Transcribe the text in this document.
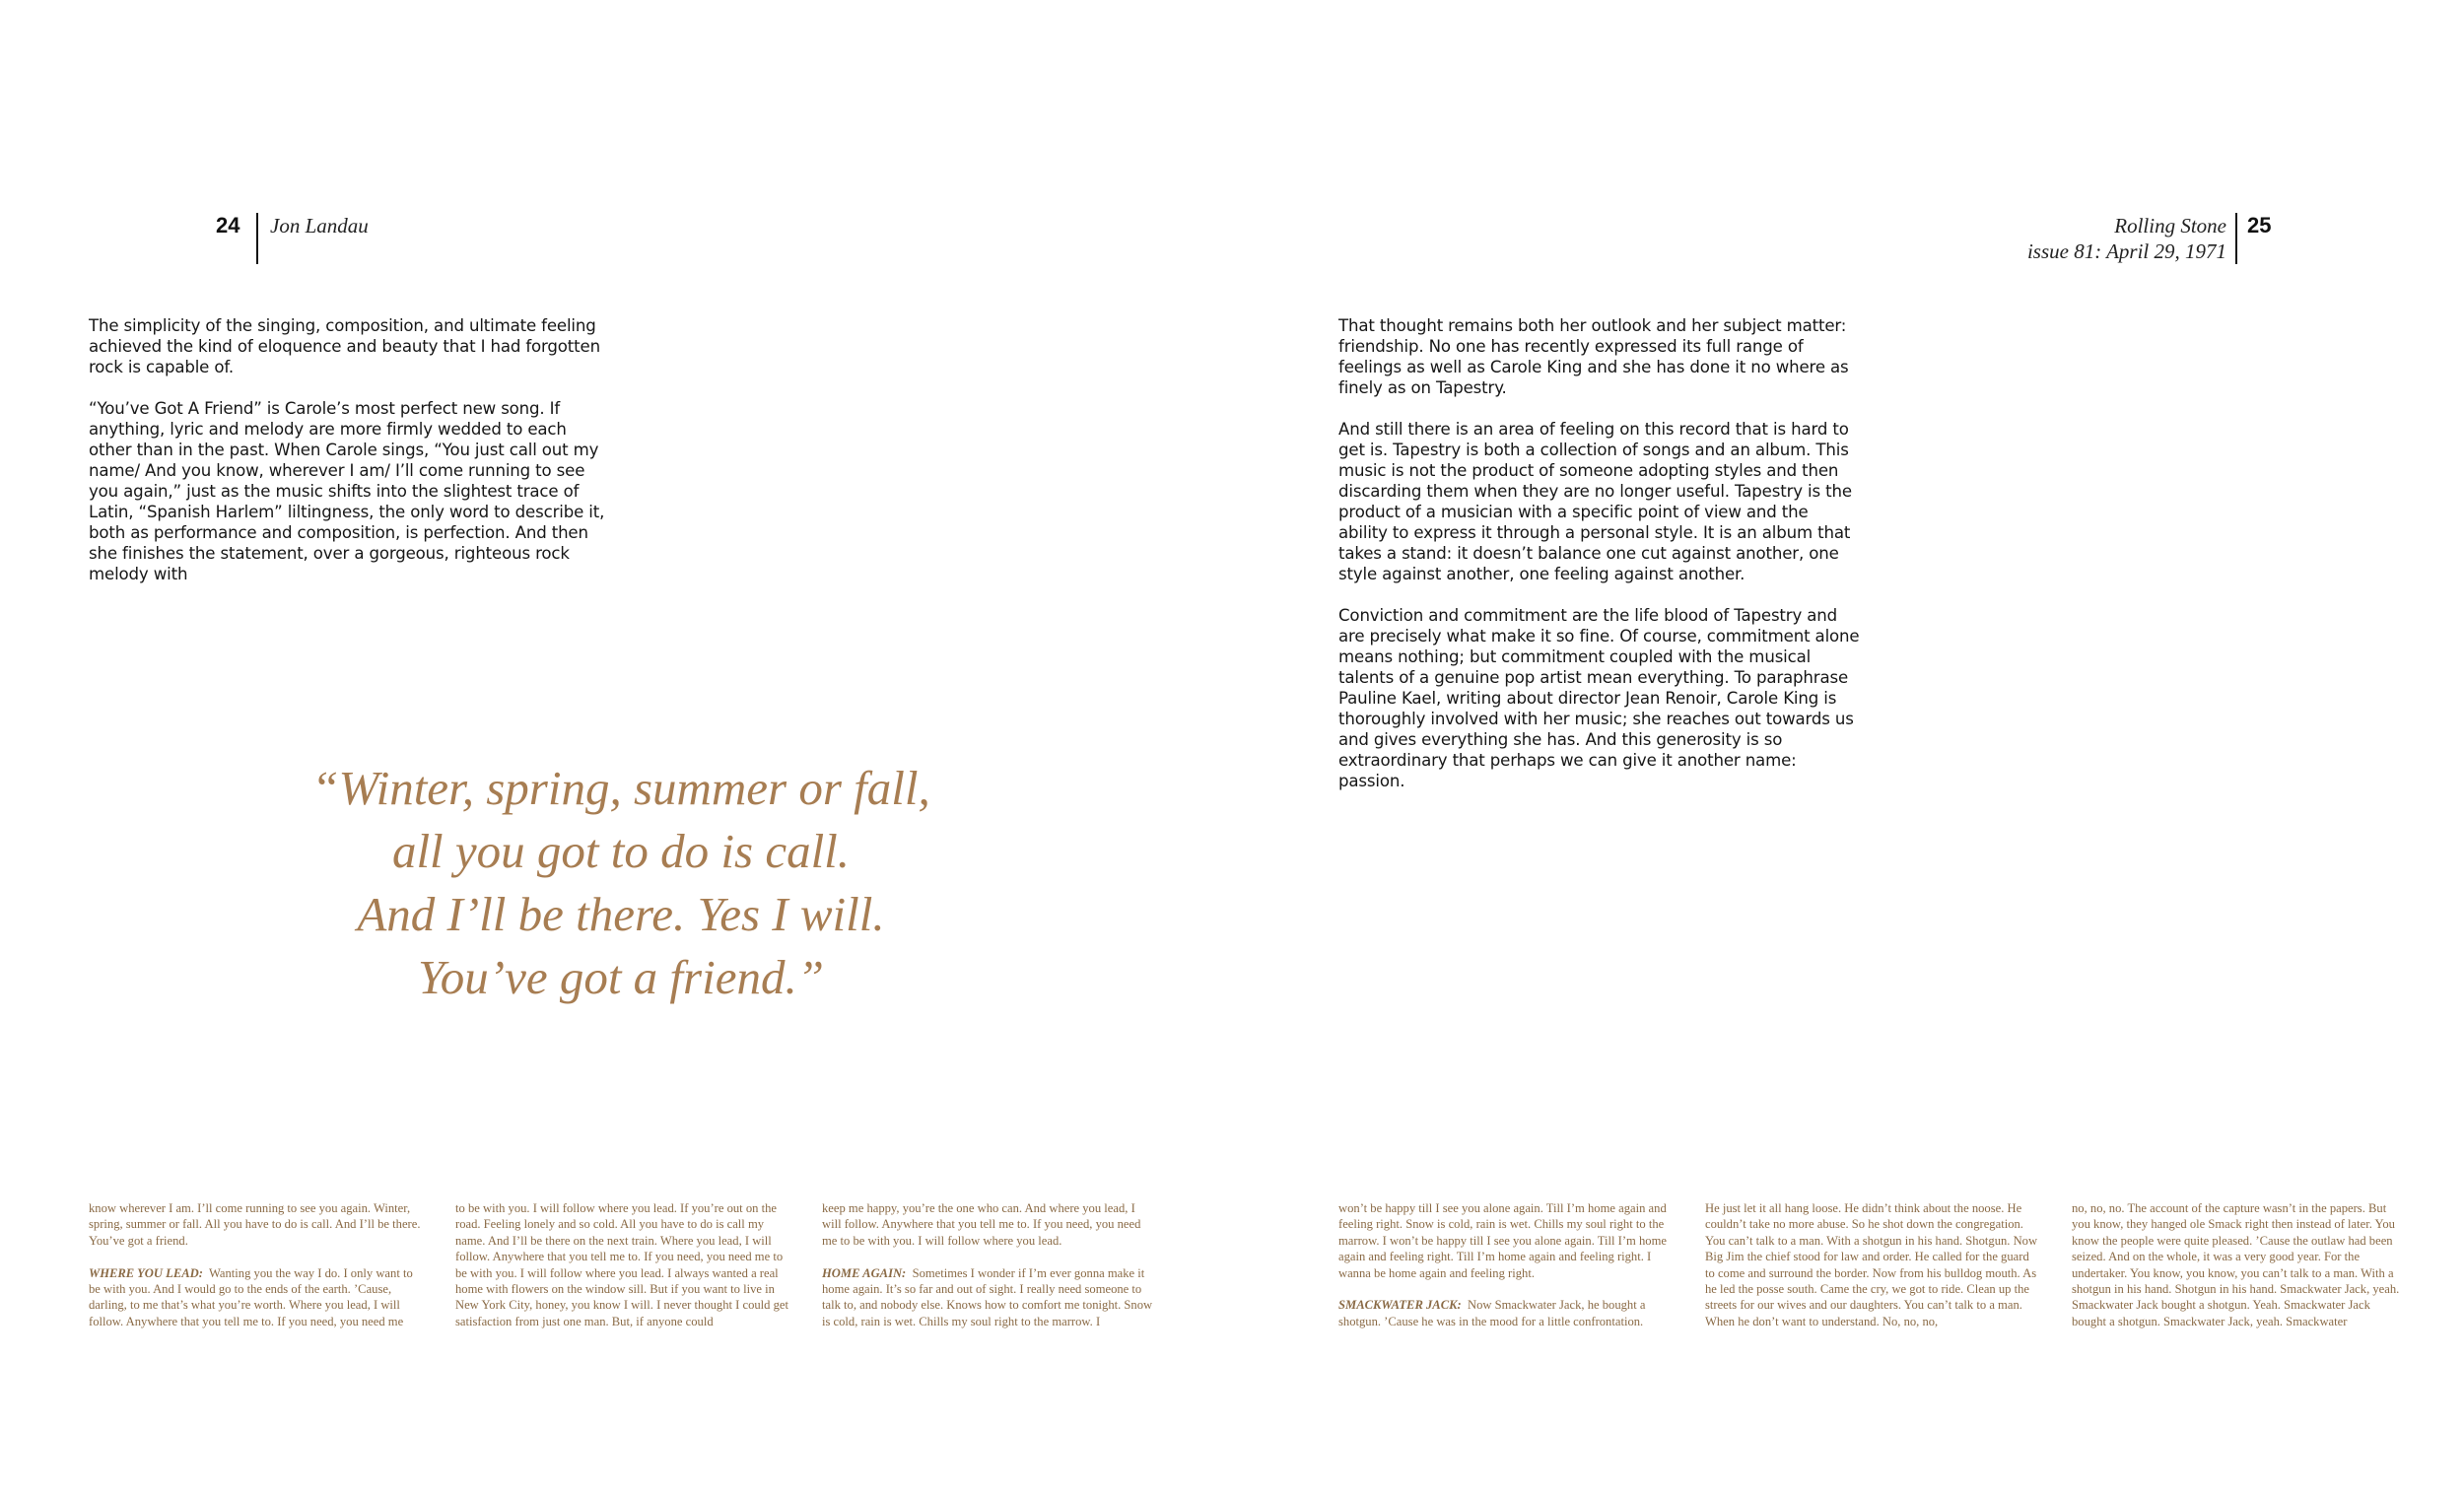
24 Jon Landau	Rolling Stone
issue 81: April 29, 1971
25

The simplicity of the singing, composition, and ultimate feeling achieved the kind of eloquence and beauty that I had forgotten rock is capable of.

“You’ve Got A Friend” is Carole’s most perfect new song. If anything, lyric and melody are more firmly wedded to each other than in the past. When Carole sings, “You just call out my name/ And you know, wherever I am/ I’ll come running to see you again,” just as the music shifts into the slightest trace of Latin, “Spanish Harlem” liltingness, the only word to describe it, both as performance and composition, is perfection. And then she finishes the statement, over a gorgeous, righteous rock melody with

That thought remains both her outlook and her subject matter: friendship. No one has recently expressed its full range of feelings as well as Carole King and she has done it no where as finely as on Tapestry.

And still there is an area of feeling on this record that is hard to get is. Tapestry is both a collection of songs and an album. This music is not the product of someone adopting styles and then discarding them when they are no longer useful. Tapestry is the product of a musician with a specific point of view and the ability to express it through a personal style. It is an album that takes a stand: it doesn’t balance one cut against another, one style against another, one feeling against another.

Conviction and commitment are the life blood of Tapestry and are precisely what make it so fine. Of course, commitment alone means nothing; but commitment coupled with the musical talents of a genuine pop artist mean everything. To paraphrase Pauline Kael, writing about director Jean Renoir, Carole King is thoroughly involved with her music; she reaches out towards us and gives everything she has. And this generosity is so extraordinary that perhaps we can give it another name: passion.

“Winter, spring, summer or fall,
all you got to do is call.
And I’ll be there. Yes I will.
You’ve got a friend.”

know wherever I am. I’ll come running to see you again. Winter, spring, summer or fall. All you have to do is call. And I’ll be there. You’ve got a friend.

WHERE YOU LEAD: Wanting you the way I do. I only want to be with you. And I would go to the ends of the earth. ’Cause, darling, to me that’s what you’re worth. Where you lead, I will follow. Anywhere that you tell me to. If you need, you need me

to be with you. I will follow where you lead. If you’re out on the road. Feeling lonely and so cold. All you have to do is call my name. And I’ll be there on the next train. Where you lead, I will follow. Anywhere that you tell me to. If you need, you need me to be with you. I will follow where you lead. I always wanted a real home with flowers on the window sill. But if you want to live in New York City, honey, you know I will. I never thought I could get satisfaction from just one man. But, if anyone could

keep me happy, you’re the one who can. And where you lead, I will follow. Anywhere that you tell me to. If you need, you need me to be with you. I will follow where you lead.

HOME AGAIN: Sometimes I wonder if I’m ever gonna make it home again. It’s so far and out of sight. I really need someone to talk to, and nobody else. Knows how to comfort me tonight. Snow is cold, rain is wet. Chills my soul right to the marrow. I

won’t be happy till I see you alone again. Till I’m home again and feeling right. Snow is cold, rain is wet. Chills my soul right to the marrow. I won’t be happy till I see you alone again. Till I’m home again and feeling right. Till I’m home again and feeling right. I wanna be home again and feeling right.

SMACKWATER JACK: Now Smackwater Jack, he bought a shotgun. ’Cause he was in the mood for a little confrontation.

He just let it all hang loose. He didn’t think about the noose. He couldn’t take no more abuse. So he shot down the congregation. You can’t talk to a man. With a shotgun in his hand. Shotgun. Now Big Jim the chief stood for law and order. He called for the guard to come and surround the border. Now from his bulldog mouth. As he led the posse south. Came the cry, we got to ride. Clean up the streets for our wives and our daughters. You can’t talk to a man. When he don’t want to understand. No, no, no,

no, no, no. The account of the capture wasn’t in the papers. But you know, they hanged ole Smack right then instead of later. You know the people were quite pleased. ’Cause the outlaw had been seized. And on the whole, it was a very good year. For the undertaker. You know, you know, you can’t talk to a man. With a shotgun in his hand. Shotgun in his hand. Smackwater Jack, yeah. Smackwater Jack bought a shotgun. Yeah. Smackwater Jack bought a shotgun. Smackwater Jack, yeah. Smackwater
